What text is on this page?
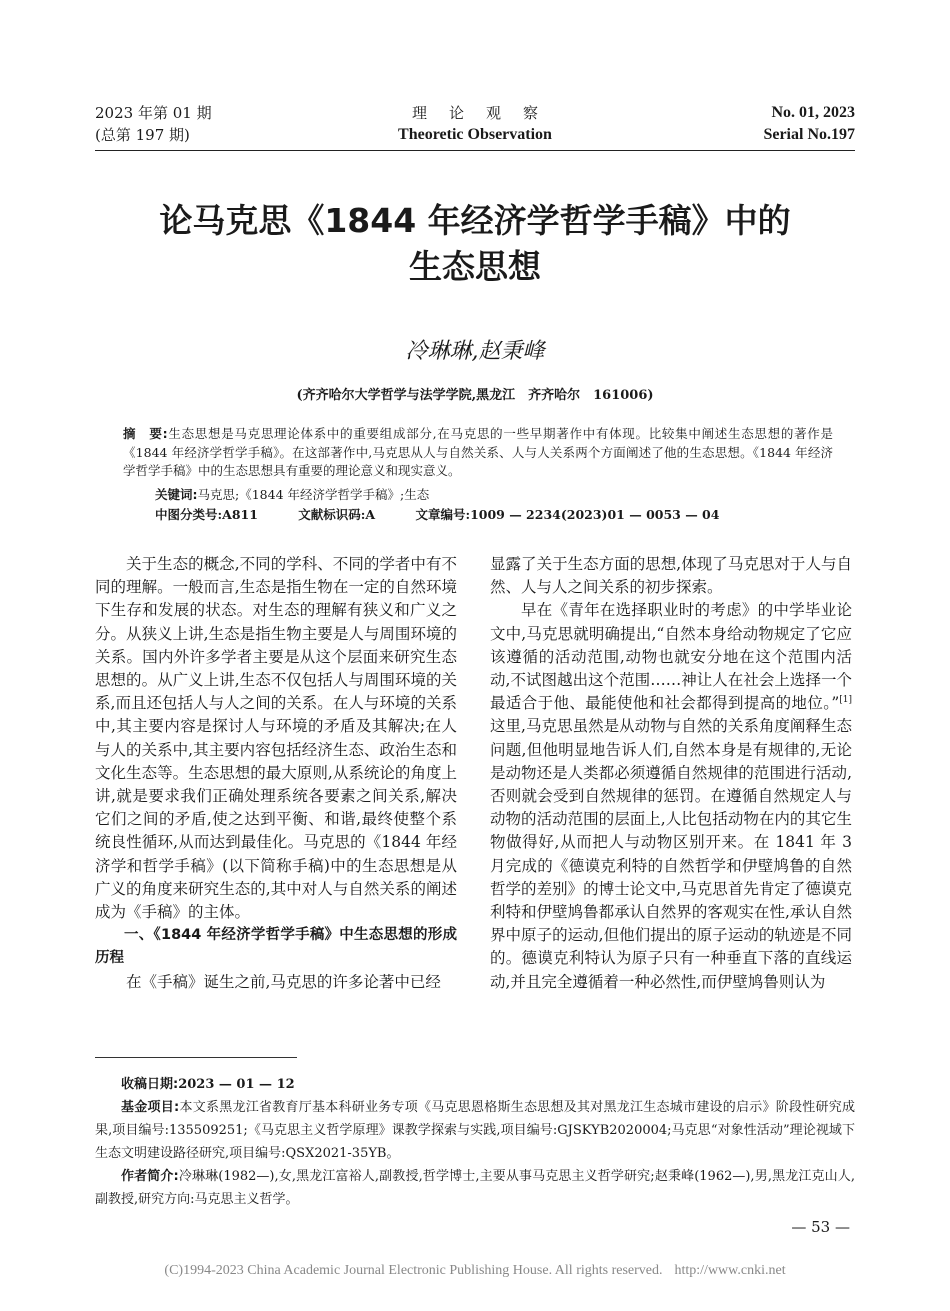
2023 年第 01 期
(总第 197 期)
理论观察
Theoretic Observation
No. 01, 2023
Serial No.197
论马克思《1844 年经济学哲学手稿》中的
生态思想
冷琳琳,赵秉峰
(齐齐哈尔大学哲学与法学学院,黑龙江　齐齐哈尔　161006)
摘　要:生态思想是马克思理论体系中的重要组成部分,在马克思的一些早期著作中有体现。比较集中阐述生态思想的著作是《1844 年经济学哲学手稿》。在这部著作中,马克思从人与自然关系、人与人关系两个方面阐述了他的生态思想。《1844 年经济学哲学手稿》中的生态思想具有重要的理论意义和现实意义。
关键词:马克思;《1844 年经济学哲学手稿》;生态
中图分类号:A811	文献标识码:A	文章编号:1009 — 2234(2023)01 — 0053 — 04

关于生态的概念,不同的学科、不同的学者中有不同的理解。一般而言,生态是指生物在一定的自然环境下生存和发展的状态。对生态的理解有狭义和广义之分。从狭义上讲,生态是指生物主要是人与周围环境的关系。国内外许多学者主要是从这个层面来研究生态思想的。从广义上讲,生态不仅包括人与周围环境的关系,而且还包括人与人之间的关系。在人与环境的关系中,其主要内容是探讨人与环境的矛盾及其解决;在人与人的关系中,其主要内容包括经济生态、政治生态和文化生态等。生态思想的最大原则,从系统论的角度上讲,就是要求我们正确处理系统各要素之间关系,解决它们之间的矛盾,使之达到平衡、和谐,最终使整个系统良性循环,从而达到最佳化。马克思的《1844 年经济学和哲学手稿》(以下简称手稿)中的生态思想是从广义的角度来研究生态的,其中对人与自然关系的阐述成为《手稿》的主体。

一、《1844 年经济学哲学手稿》中生态思想的形成历程

在《手稿》诞生之前,马克思的许多论著中已经

显露了关于生态方面的思想,体现了马克思对于人与自然、人与人之间关系的初步探索。

早在《青年在选择职业时的考虑》的中学毕业论文中,马克思就明确提出,“自然本身给动物规定了它应该遵循的活动范围,动物也就安分地在这个范围内活动,不试图越出这个范围……神让人在社会上选择一个最适合于他、最能使他和社会都得到提高的地位。”[1]这里,马克思虽然是从动物与自然的关系角度阐释生态问题,但他明显地告诉人们,自然本身是有规律的,无论是动物还是人类都必须遵循自然规律的范围进行活动,否则就会受到自然规律的惩罚。在遵循自然规定人与动物的活动范围的层面上,人比包括动物在内的其它生物做得好,从而把人与动物区别开来。在 1841 年 3 月完成的《德谟克利特的自然哲学和伊壁鸠鲁的自然哲学的差别》的博士论文中,马克思首先肯定了德谟克利特和伊壁鸠鲁都承认自然界的客观实在性,承认自然界中原子的运动,但他们提出的原子运动的轨迹是不同的。德谟克利特认为原子只有一种垂直下落的直线运动,并且完全遵循着一种必然性,而伊壁鸠鲁则认为

收稿日期:2023 — 01 — 12

基金项目:本文系黑龙江省教育厅基本科研业务专项《马克思恩格斯生态思想及其对黑龙江生态城市建设的启示》阶段性研究成果,项目编号:135509251;《马克思主义哲学原理》课教学探索与实践,项目编号:GJSKYB2020004;马克思“对象性活动”理论视域下生态文明建设路径研究,项目编号:QSX2021-35YB。

作者简介:冷琳琳(1982—),女,黑龙江富裕人,副教授,哲学博士,主要从事马克思主义哲学研究;赵秉峰(1962—),男,黑龙江克山人,副教授,研究方向:马克思主义哲学。

— 53 —
(C)1994-2023 China Academic Journal Electronic Publishing House. All rights reserved. http://www.cnki.net
